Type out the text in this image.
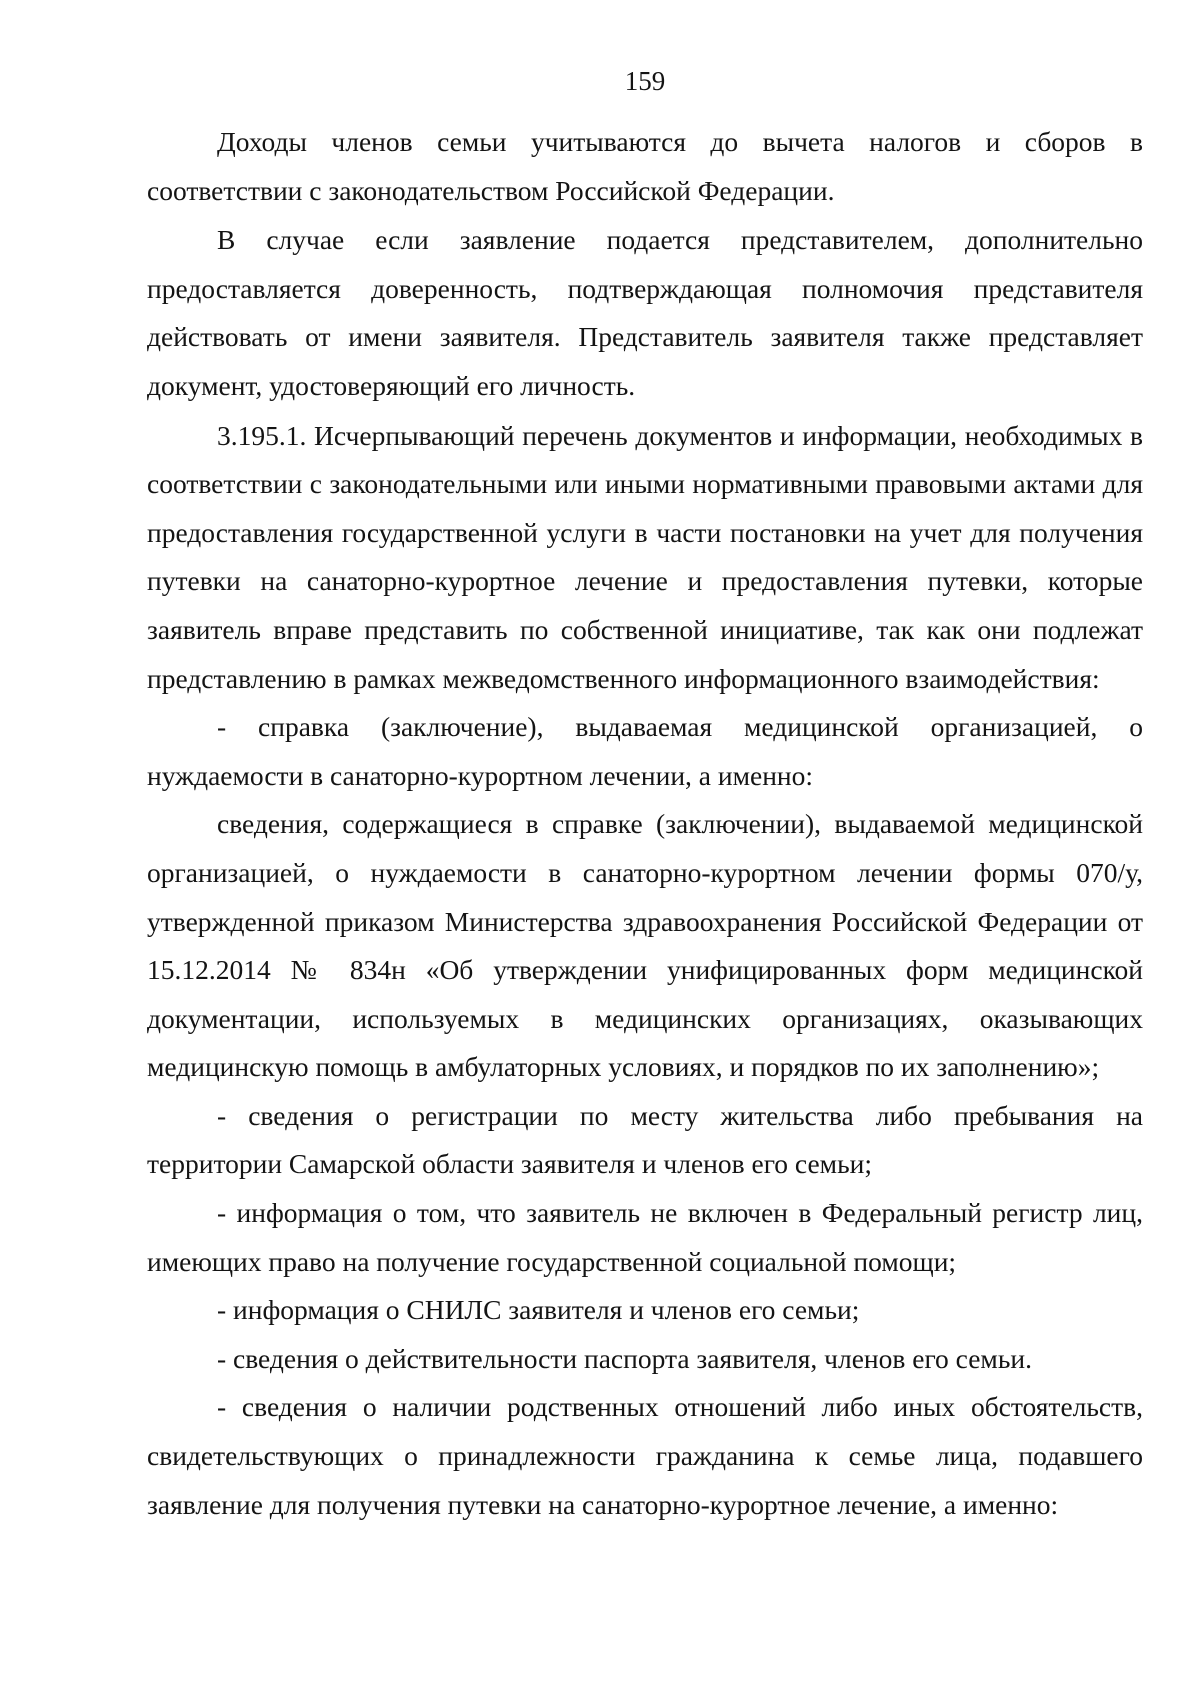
159

Доходы членов семьи учитываются до вычета налогов и сборов в соответствии с законодательством Российской Федерации.

В случае если заявление подается представителем, дополнительно предоставляется доверенность, подтверждающая полномочия представителя действовать от имени заявителя. Представитель заявителя также представляет документ, удостоверяющий его личность.

3.195.1. Исчерпывающий перечень документов и информации, необходимых в соответствии с законодательными или иными нормативными правовыми актами для предоставления государственной услуги в части постановки на учет для получения путевки на санаторно-курортное лечение и предоставления путевки, которые заявитель вправе представить по собственной инициативе, так как они подлежат представлению в рамках межведомственного информационного взаимодействия:

- справка (заключение), выдаваемая медицинской организацией, о нуждаемости в санаторно-курортном лечении, а именно:

сведения, содержащиеся в справке (заключении), выдаваемой медицинской организацией, о нуждаемости в санаторно-курортном лечении формы 070/у, утвержденной приказом Министерства здравоохранения Российской Федерации от 15.12.2014 № 834н «Об утверждении унифицированных форм медицинской документации, используемых в медицинских организациях, оказывающих медицинскую помощь в амбулаторных условиях, и порядков по их заполнению»;

- сведения о регистрации по месту жительства либо пребывания на территории Самарской области заявителя и членов его семьи;

- информация о том, что заявитель не включен в Федеральный регистр лиц, имеющих право на получение государственной социальной помощи;

- информация о СНИЛС заявителя и членов его семьи;

- сведения о действительности паспорта заявителя, членов его семьи.

- сведения о наличии родственных отношений либо иных обстоятельств, свидетельствующих о принадлежности гражданина к семье лица, подавшего заявление для получения путевки на санаторно-курортное лечение, а именно:
